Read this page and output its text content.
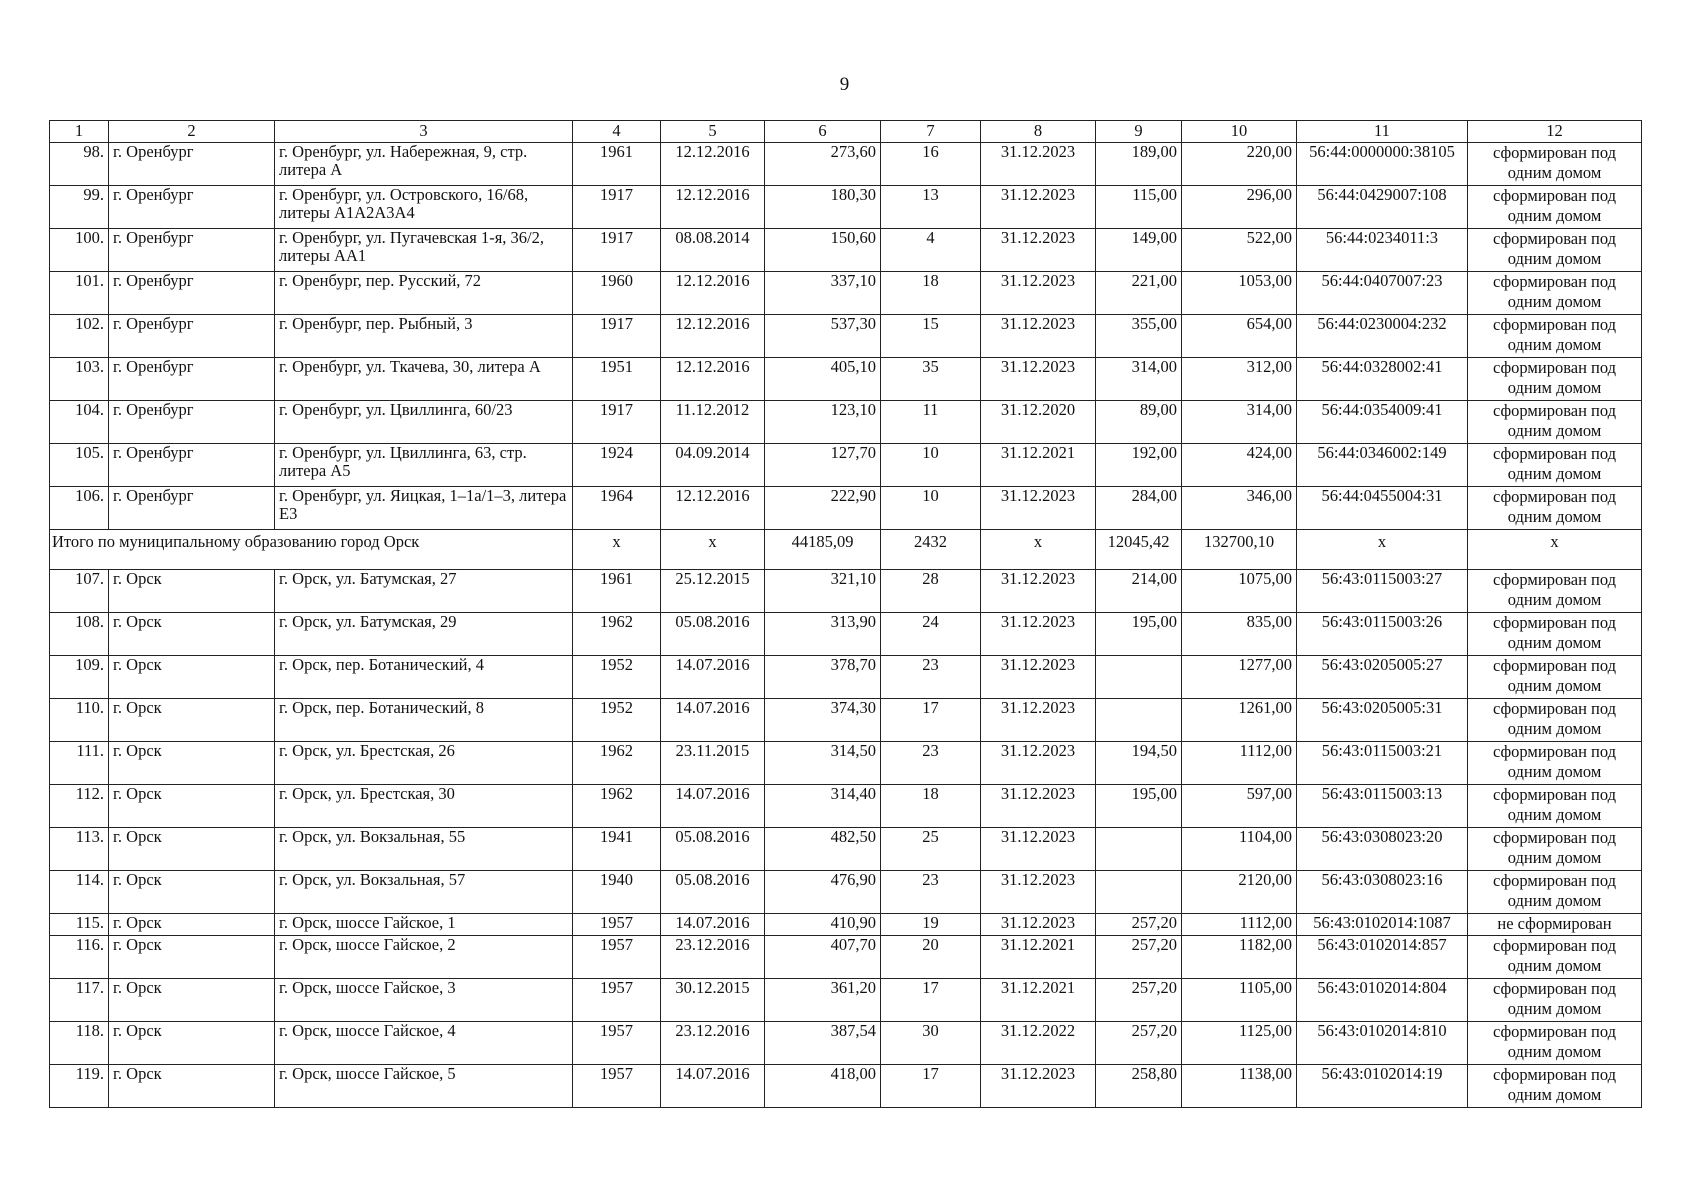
9
1	2	3	4	5	6	7	8	9	10	11	12
98.	г. Оренбург	г. Оренбург, ул. Набережная, 9, стр. литера А	1961	12.12.2016	273,60	16	31.12.2023	189,00	220,00	56:44:0000000:38105	сформирован под одним домом
99.	г. Оренбург	г. Оренбург, ул. Островского, 16/68, литеры А1А2А3А4	1917	12.12.2016	180,30	13	31.12.2023	115,00	296,00	56:44:0429007:108	сформирован под одним домом
100.	г. Оренбург	г. Оренбург, ул. Пугачевская 1-я, 36/2, литеры АА1	1917	08.08.2014	150,60	4	31.12.2023	149,00	522,00	56:44:0234011:3	сформирован под одним домом
101.	г. Оренбург	г. Оренбург, пер. Русский, 72	1960	12.12.2016	337,10	18	31.12.2023	221,00	1053,00	56:44:0407007:23	сформирован под одним домом
102.	г. Оренбург	г. Оренбург, пер. Рыбный, 3	1917	12.12.2016	537,30	15	31.12.2023	355,00	654,00	56:44:0230004:232	сформирован под одним домом
103.	г. Оренбург	г. Оренбург, ул. Ткачева, 30, литера А	1951	12.12.2016	405,10	35	31.12.2023	314,00	312,00	56:44:0328002:41	сформирован под одним домом
104.	г. Оренбург	г. Оренбург, ул. Цвиллинга, 60/23	1917	11.12.2012	123,10	11	31.12.2020	89,00	314,00	56:44:0354009:41	сформирован под одним домом
105.	г. Оренбург	г. Оренбург, ул. Цвиллинга, 63, стр. литера А5	1924	04.09.2014	127,70	10	31.12.2021	192,00	424,00	56:44:0346002:149	сформирован под одним домом
106.	г. Оренбург	г. Оренбург, ул. Яицкая, 1–1а/1–3, литера Е3	1964	12.12.2016	222,90	10	31.12.2023	284,00	346,00	56:44:0455004:31	сформирован под одним домом
Итого по муниципальному образованию город Орск			x	x	44185,09	2432	x	12045,42	132700,10	x	x
107.	г. Орск	г. Орск, ул. Батумская, 27	1961	25.12.2015	321,10	28	31.12.2023	214,00	1075,00	56:43:0115003:27	сформирован под одним домом
108.	г. Орск	г. Орск, ул. Батумская, 29	1962	05.08.2016	313,90	24	31.12.2023	195,00	835,00	56:43:0115003:26	сформирован под одним домом
109.	г. Орск	г. Орск, пер. Ботанический, 4	1952	14.07.2016	378,70	23	31.12.2023		1277,00	56:43:0205005:27	сформирован под одним домом
110.	г. Орск	г. Орск, пер. Ботанический, 8	1952	14.07.2016	374,30	17	31.12.2023		1261,00	56:43:0205005:31	сформирован под одним домом
111.	г. Орск	г. Орск, ул. Брестская, 26	1962	23.11.2015	314,50	23	31.12.2023	194,50	1112,00	56:43:0115003:21	сформирован под одним домом
112.	г. Орск	г. Орск, ул. Брестская, 30	1962	14.07.2016	314,40	18	31.12.2023	195,00	597,00	56:43:0115003:13	сформирован под одним домом
113.	г. Орск	г. Орск, ул. Вокзальная, 55	1941	05.08.2016	482,50	25	31.12.2023		1104,00	56:43:0308023:20	сформирован под одним домом
114.	г. Орск	г. Орск, ул. Вокзальная, 57	1940	05.08.2016	476,90	23	31.12.2023		2120,00	56:43:0308023:16	сформирован под одним домом
115.	г. Орск	г. Орск, шоссе Гайское, 1	1957	14.07.2016	410,90	19	31.12.2023	257,20	1112,00	56:43:0102014:1087	не сформирован
116.	г. Орск	г. Орск, шоссе Гайское, 2	1957	23.12.2016	407,70	20	31.12.2021	257,20	1182,00	56:43:0102014:857	сформирован под одним домом
117.	г. Орск	г. Орск, шоссе Гайское, 3	1957	30.12.2015	361,20	17	31.12.2021	257,20	1105,00	56:43:0102014:804	сформирован под одним домом
118.	г. Орск	г. Орск, шоссе Гайское, 4	1957	23.12.2016	387,54	30	31.12.2022	257,20	1125,00	56:43:0102014:810	сформирован под одним домом
119.	г. Орск	г. Орск, шоссе Гайское, 5	1957	14.07.2016	418,00	17	31.12.2023	258,80	1138,00	56:43:0102014:19	сформирован под одним домом
